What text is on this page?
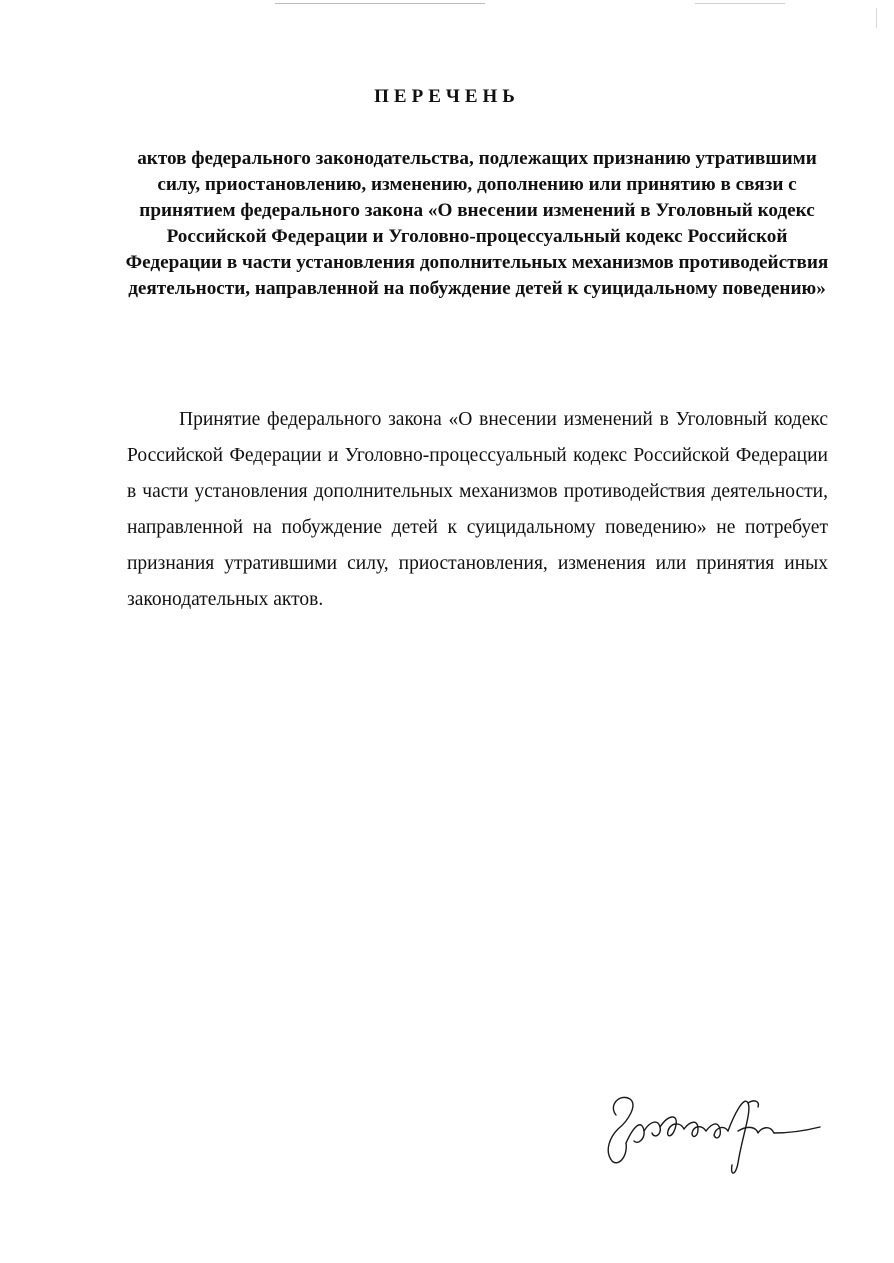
ПЕРЕЧЕНЬ

актов федерального законодательства, подлежащих признанию утратившими силу, приостановлению, изменению, дополнению или принятию в связи с принятием федерального закона «О внесении изменений в Уголовный кодекс Российской Федерации и Уголовно-процессуальный кодекс Российской Федерации в части установления дополнительных механизмов противодействия деятельности, направленной на побуждение детей к суицидальному поведению»

Принятие федерального закона «О внесении изменений в Уголовный кодекс Российской Федерации и Уголовно-процессуальный кодекс Российской Федерации в части установления дополнительных механизмов противодействия деятельности, направленной на побуждение детей к суицидальному поведению» не потребует признания утратившими силу, приостановления, изменения или принятия иных законодательных актов.
